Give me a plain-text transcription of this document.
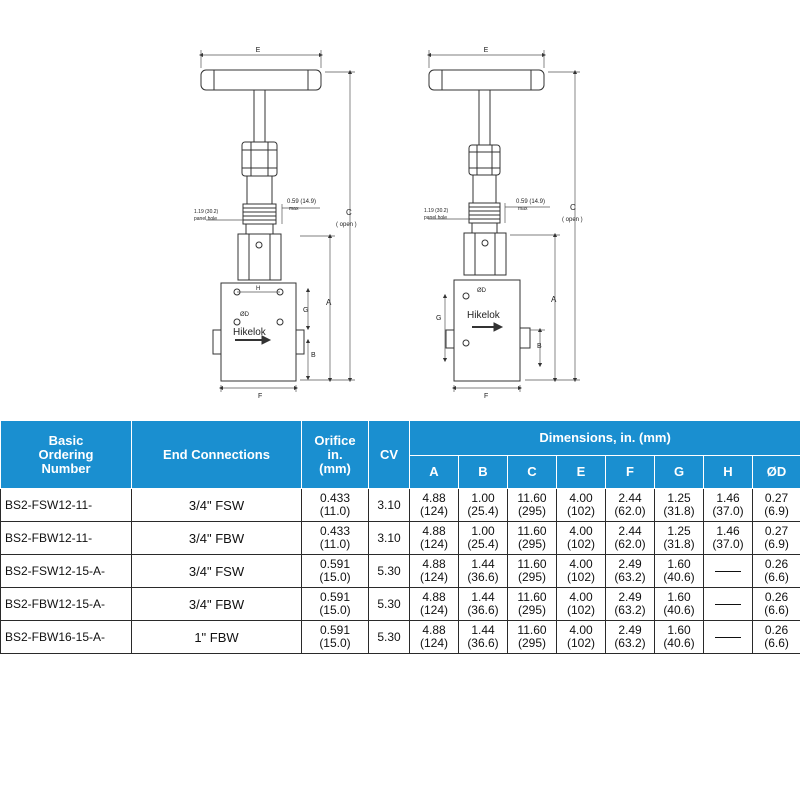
E
C
( open )
A
B
G
H
F
ØD
0.59 (14.9)
max
1.19 (30.2)
panel hole
Hikelok
E
C
( open )
A
B
G
F
ØD
0.59 (14.9)
max
1.19 (30.2)
panel hole
Hikelok
Basic
Ordering
Number	End Connections	Orifice
in.
(mm)	CV	Dimensions, in. (mm)							
				A	B	C	E	F	G	H	ØD
BS2-FSW12-11-	3/4" FSW	0.433
(11.0)	3.10	4.88
(124)	1.00
(25.4)	11.60
(295)	4.00
(102)	2.44
(62.0)	1.25
(31.8)	1.46
(37.0)	0.27
(6.9)

BS2-FBW12-11-	3/4" FBW	0.433
(11.0)	3.10	4.88
(124)	1.00
(25.4)	11.60
(295)	4.00
(102)	2.44
(62.0)	1.25
(31.8)	1.46
(37.0)	0.27
(6.9)

BS2-FSW12-15-A-	3/4" FSW	0.591
(15.0)	5.30	4.88
(124)	1.44
(36.6)	11.60
(295)	4.00
(102)	2.49
(63.2)	1.60
(40.6)		0.26
(6.6)

BS2-FBW12-15-A-	3/4" FBW	0.591
(15.0)	5.30	4.88
(124)	1.44
(36.6)	11.60
(295)	4.00
(102)	2.49
(63.2)	1.60
(40.6)		0.26
(6.6)

BS2-FBW16-15-A-	1" FBW	0.591
(15.0)	5.30	4.88
(124)	1.44
(36.6)	11.60
(295)	4.00
(102)	2.49
(63.2)	1.60
(40.6)		0.26
(6.6)
